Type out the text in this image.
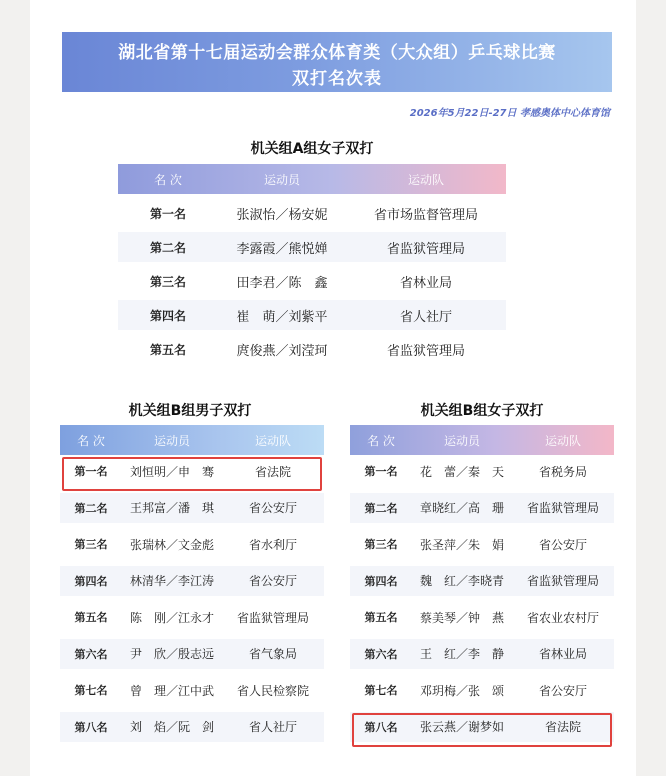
湖北省第十七届运动会群众体育类（大众组）乒乓球比赛
双打名次表
2026年5月22日-27日 孝感奥体中心体育馆
机关组A组女子双打
名 次	运动员	运动队
第一名	张淑怡／杨安妮	省市场监督管理局
第二名	李露霞／熊悦婵	省监狱管理局
第三名	田李君／陈　鑫	省林业局
第四名	崔　萌／刘紫平	省人社厅
第五名	庹俊燕／刘滢珂	省监狱管理局
机关组B组男子双打
名 次	运动员	运动队
第一名	刘恒明／申　骞	省法院
第二名	王邦富／潘　琪	省公安厅
第三名	张瑞林／文金彪	省水利厅
第四名	林清华／李江涛	省公安厅
第五名	陈　刚／江永才	省监狱管理局
第六名	尹　欣／殷志远	省气象局
第七名	曾　理／江中武	省人民检察院
第八名	刘　焰／阮　剑	省人社厅
机关组B组女子双打
名 次	运动员	运动队
第一名	花　蕾／秦　天	省税务局
第二名	章晓红／高　珊	省监狱管理局
第三名	张圣萍／朱　娟	省公安厅
第四名	魏　红／李晓青	省监狱管理局
第五名	蔡美琴／钟　燕	省农业农村厅
第六名	王　红／李　静	省林业局
第七名	邓玥梅／张　颂	省公安厅
第八名	张云燕／谢梦如	省法院
